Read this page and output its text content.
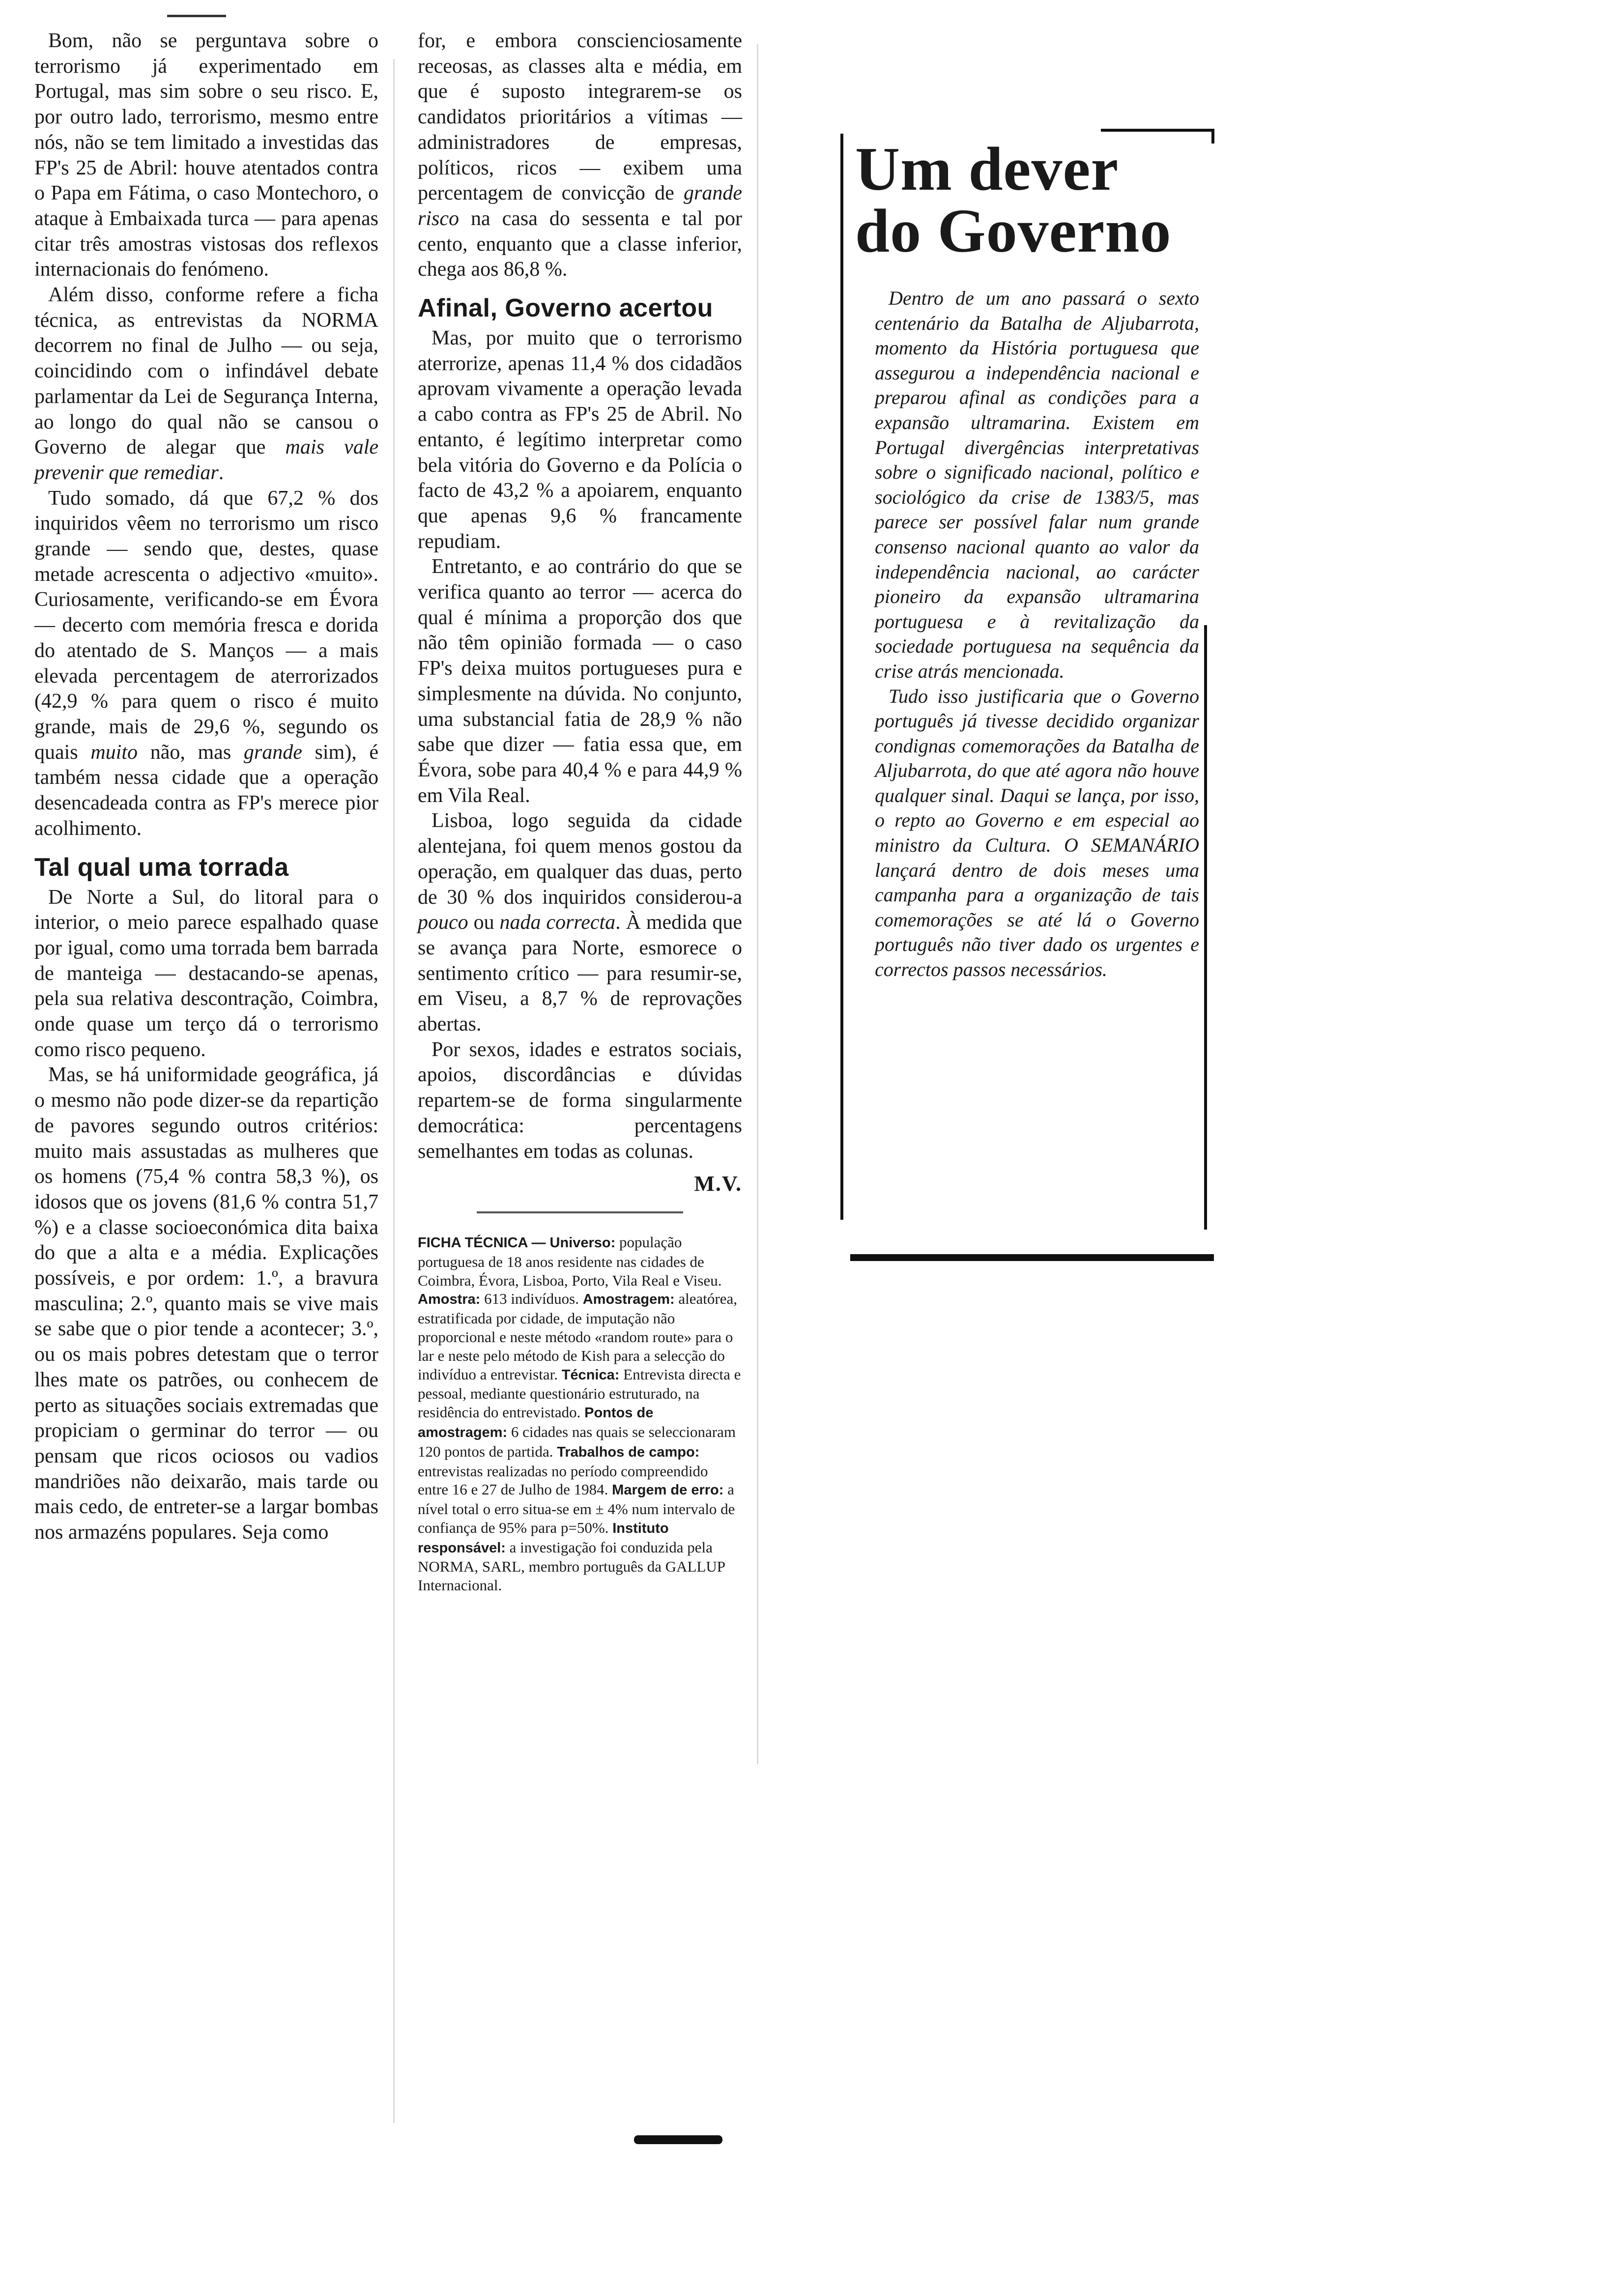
Bom, não se perguntava sobre o terrorismo já experimentado em Portugal, mas sim sobre o seu risco. E, por outro lado, terrorismo, mesmo entre nós, não se tem limitado a investidas das FP's 25 de Abril: houve atentados contra o Papa em Fátima, o caso Montechoro, o ataque à Embaixada turca — para apenas citar três amostras vistosas dos reflexos internacionais do fenómeno.

Além disso, conforme refere a ficha técnica, as entrevistas da NORMA decorrem no final de Julho — ou seja, coincidindo com o infindável debate parlamentar da Lei de Segurança Interna, ao longo do qual não se cansou o Governo de alegar que mais vale prevenir que remediar.

Tudo somado, dá que 67,2 % dos inquiridos vêem no terrorismo um risco grande — sendo que, destes, quase metade acrescenta o adjectivo «muito». Curiosamente, verificando-se em Évora — decerto com memória fresca e dorida do atentado de S. Manços — a mais elevada percentagem de aterrorizados (42,9 % para quem o risco é muito grande, mais de 29,6 %, segundo os quais muito não, mas grande sim), é também nessa cidade que a operação desencadeada contra as FP's merece pior acolhimento.

Tal qual uma torrada

De Norte a Sul, do litoral para o interior, o meio parece espalhado quase por igual, como uma torrada bem barrada de manteiga — destacando-se apenas, pela sua relativa descontração, Coimbra, onde quase um terço dá o terrorismo como risco pequeno.

Mas, se há uniformidade geográfica, já o mesmo não pode dizer-se da repartição de pavores segundo outros critérios: muito mais assustadas as mulheres que os homens (75,4 % contra 58,3 %), os idosos que os jovens (81,6 % contra 51,7 %) e a classe socioeconómica dita baixa do que a alta e a média. Explicações possíveis, e por ordem: 1.º, a bravura masculina; 2.º, quanto mais se vive mais se sabe que o pior tende a acontecer; 3.º, ou os mais pobres detestam que o terror lhes mate os patrões, ou conhecem de perto as situações sociais extremadas que propiciam o germinar do terror — ou pensam que ricos ociosos ou vadios mandriões não deixarão, mais tarde ou mais cedo, de entreter-se a largar bombas nos armazéns populares. Seja como

for, e embora conscienciosamente receosas, as classes alta e média, em que é suposto integrarem-se os candidatos prioritários a vítimas — administradores de empresas, políticos, ricos — exibem uma percentagem de convicção de grande risco na casa do sessenta e tal por cento, enquanto que a classe inferior, chega aos 86,8 %.

Afinal, Governo acertou

Mas, por muito que o terrorismo aterrorize, apenas 11,4 % dos cidadãos aprovam vivamente a operação levada a cabo contra as FP's 25 de Abril. No entanto, é legítimo interpretar como bela vitória do Governo e da Polícia o facto de 43,2 % a apoiarem, enquanto que apenas 9,6 % francamente repudiam.

Entretanto, e ao contrário do que se verifica quanto ao terror — acerca do qual é mínima a proporção dos que não têm opinião formada — o caso FP's deixa muitos portugueses pura e simplesmente na dúvida. No conjunto, uma substancial fatia de 28,9 % não sabe que dizer — fatia essa que, em Évora, sobe para 40,4 % e para 44,9 % em Vila Real.

Lisboa, logo seguida da cidade alentejana, foi quem menos gostou da operação, em qualquer das duas, perto de 30 % dos inquiridos considerou-a pouco ou nada correcta. À medida que se avança para Norte, esmorece o sentimento crítico — para resumir-se, em Viseu, a 8,7 % de reprovações abertas.

Por sexos, idades e estratos sociais, apoios, discordâncias e dúvidas repartem-se de forma singularmente democrática: percentagens semelhantes em todas as colunas.

M.V.
FICHA TÉCNICA — Universo: população portuguesa de 18 anos residente nas cidades de Coimbra, Évora, Lisboa, Porto, Vila Real e Viseu. Amostra: 613 indivíduos. Amostragem: aleatórea, estratificada por cidade, de imputação não proporcional e neste método «random route» para o lar e neste pelo método de Kish para a selecção do indivíduo a entrevistar. Técnica: Entrevista directa e pessoal, mediante questionário estruturado, na residência do entrevistado. Pontos de amostragem: 6 cidades nas quais se seleccionaram 120 pontos de partida. Trabalhos de campo: entrevistas realizadas no período compreendido entre 16 e 27 de Julho de 1984. Margem de erro: a nível total o erro situa-se em ± 4% num intervalo de confiança de 95% para p=50%. Instituto responsável: a investigação foi conduzida pela NORMA, SARL, membro português da GALLUP Internacional.
Um dever
do Governo

Dentro de um ano passará o sexto centenário da Batalha de Aljubarrota, momento da História portuguesa que assegurou a independência nacional e preparou afinal as condições para a expansão ultramarina. Existem em Portugal divergências interpretativas sobre o significado nacional, político e sociológico da crise de 1383/5, mas parece ser possível falar num grande consenso nacional quanto ao valor da independência nacional, ao carácter pioneiro da expansão ultramarina portuguesa e à revitalização da sociedade portuguesa na sequência da crise atrás mencionada.

Tudo isso justificaria que o Governo português já tivesse decidido organizar condignas comemorações da Batalha de Aljubarrota, do que até agora não houve qualquer sinal. Daqui se lança, por isso, o repto ao Governo e em especial ao ministro da Cultura. O SEMANÁRIO lançará dentro de dois meses uma campanha para a organização de tais comemorações se até lá o Governo português não tiver dado os urgentes e correctos passos necessários.
